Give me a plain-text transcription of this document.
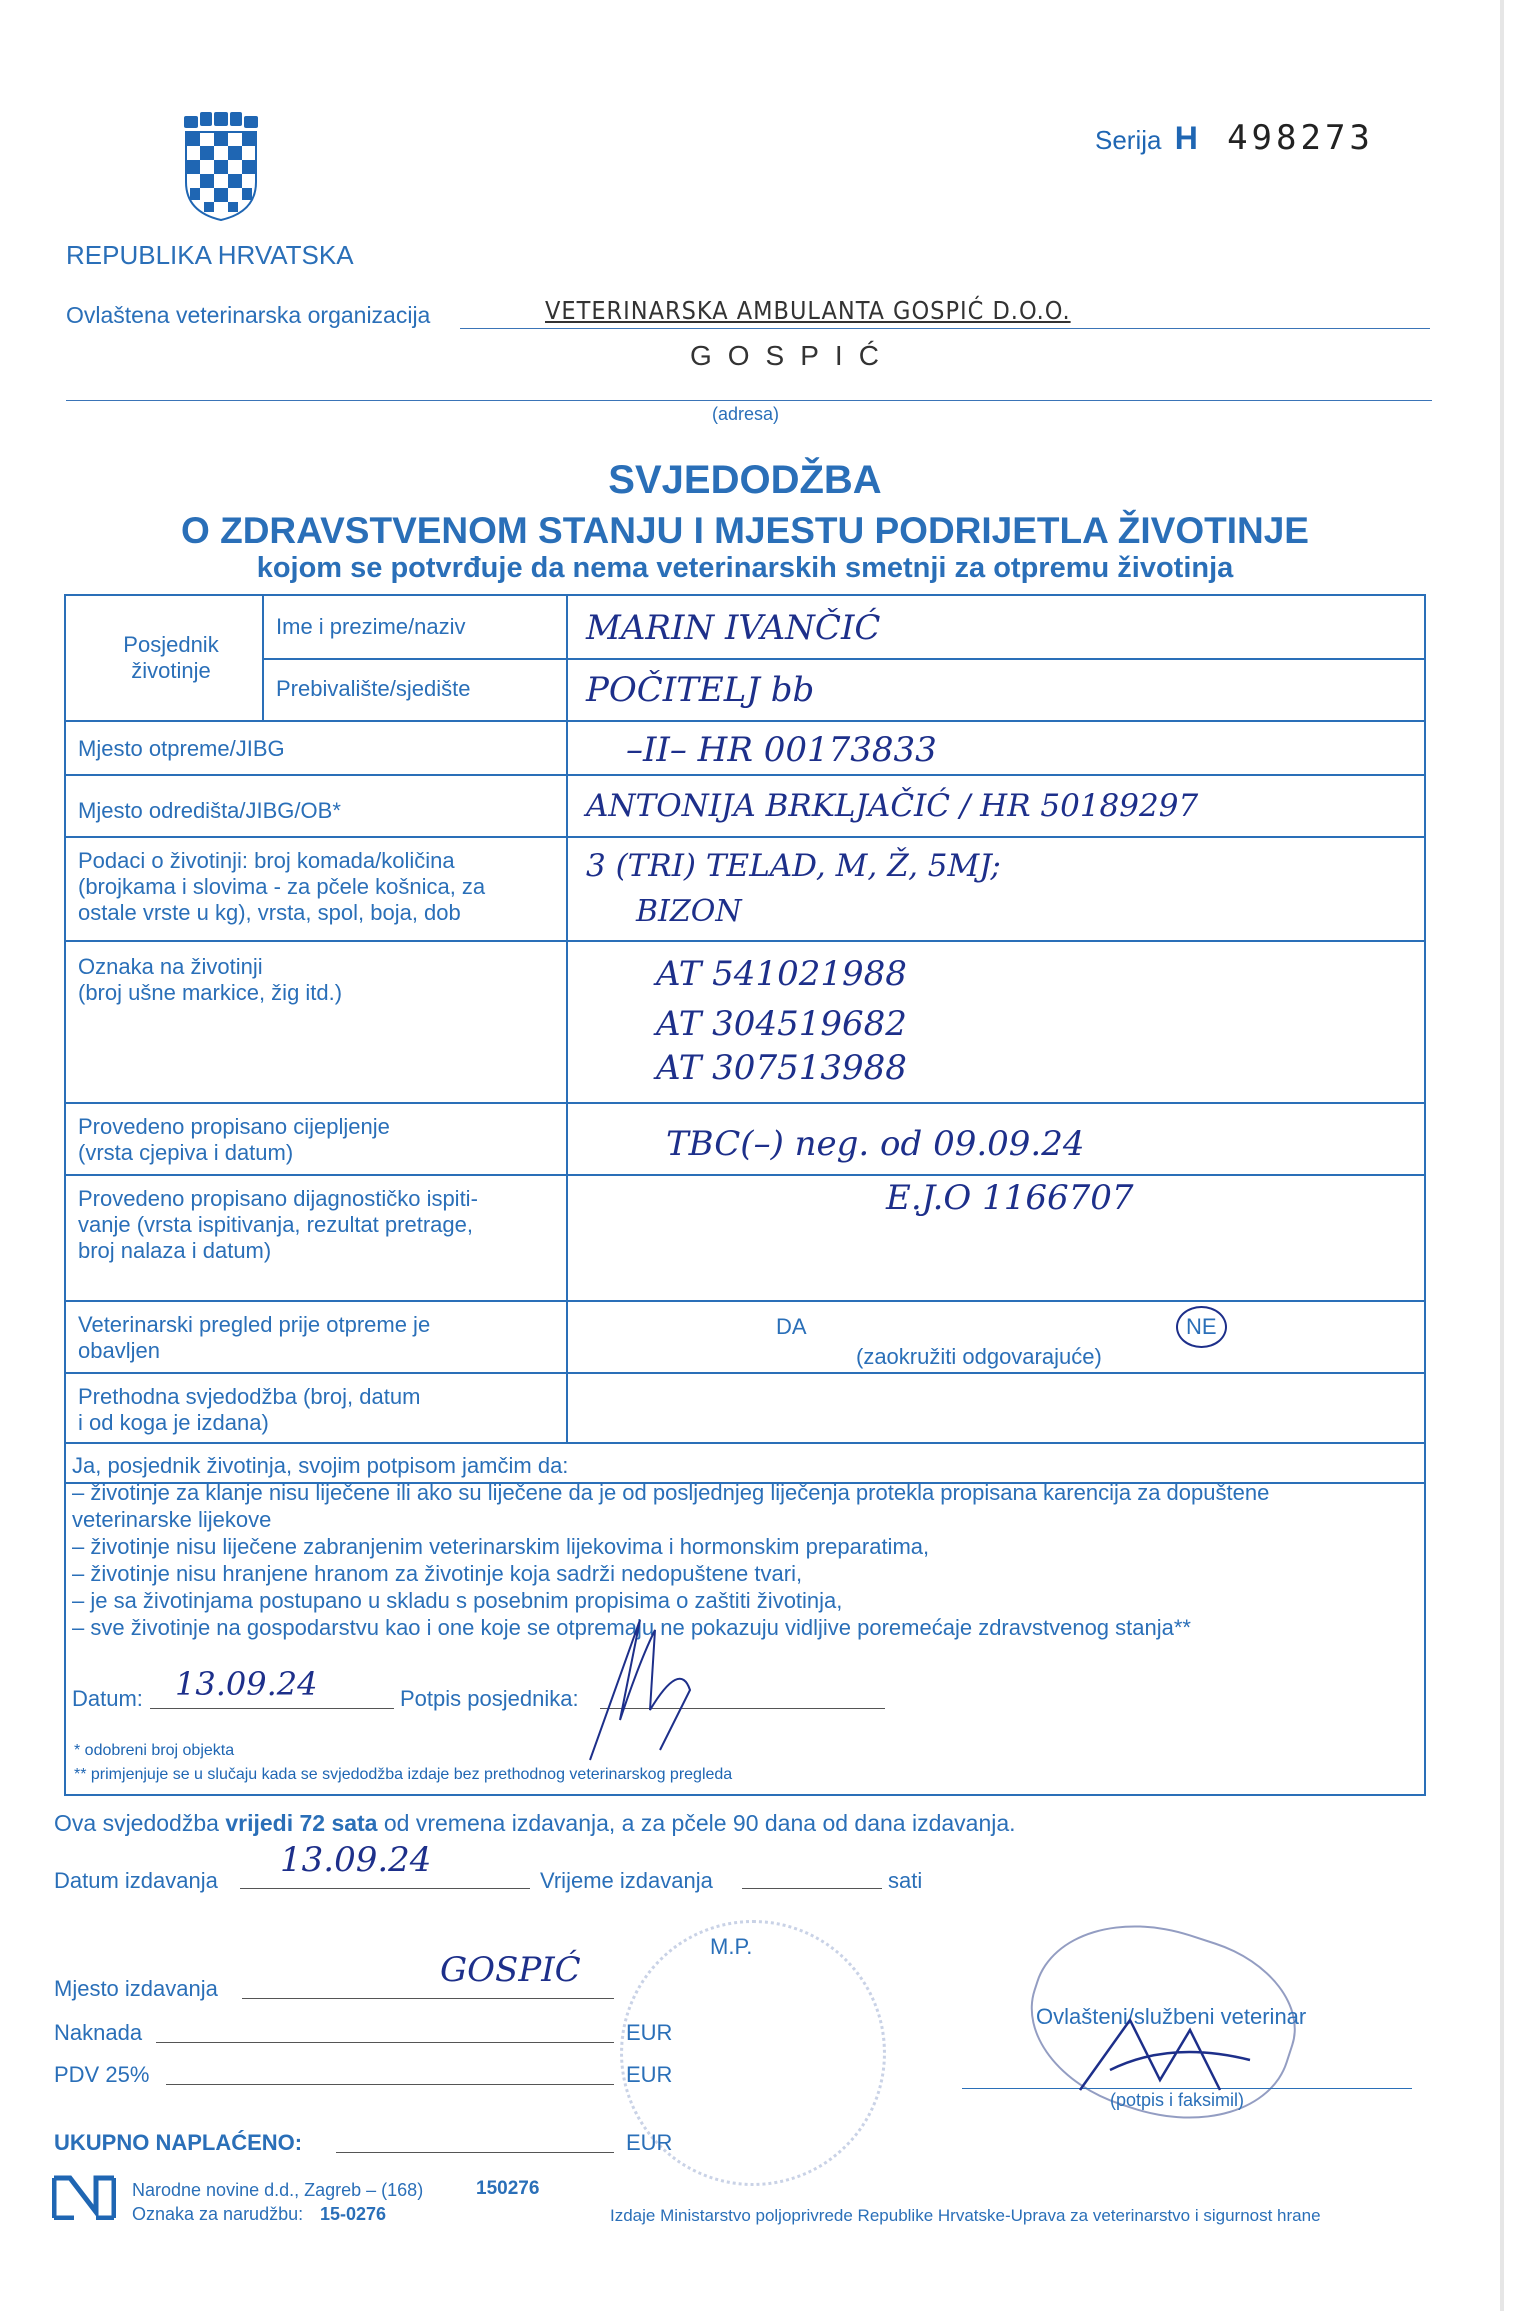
Serija H 498273
REPUBLIKA HRVATSKA
Ovlaštena veterinarska organizacija	VETERINARSKA AMBULANTA GOSPIĆ D.O.O.
GOSPIĆ
(adresa)
SVJEDODŽBA
O ZDRAVSTVENOM STANJU I MJESTU PODRIJETLA ŽIVOTINJE
kojom se potvrđuje da nema veterinarskih smetnji za otpremu životinja
Posjednik životinje
Ime i prezime/naziv	MARIN IVANČIĆ
Prebivalište/sjedište	POČITELJ bb
Mjesto otpreme/JIBG	–II– HR 00173833
Mjesto odredišta/JIBG/OB*	ANTONIJA BRKLJAČIĆ / HR 50189297
Podaci o životinji: broj komada/količina
(brojkama i slovima - za pčele košnica, za
ostale vrste u kg), vrsta, spol, boja, dob
3 (TRI) TELAD, M, Ž, 5MJ;
BIZON
Oznaka na životinji
(broj ušne markice, žig itd.)	AT 541021988
AT 304519682
AT 307513988
Provedeno propisano cijepljenje
(vrsta cjepiva i datum)	TBC(–) neg. od 09.09.24
Provedeno propisano dijagnostičko ispiti-
vanje (vrsta ispitivanja, rezultat pretrage,
broj nalaza i datum)
E.J.O 1166707
Veterinarski pregled prije otpreme je
obavljen
DA	NE
(zaokružiti odgovarajuće)
Prethodna svjedodžba (broj, datum
i od koga je izdana)
Ja, posjednik životinja, svojim potpisom jamčim da:
– životinje za klanje nisu liječene ili ako su liječene da je od posljednjeg liječenja protekla propisana karencija za dopuštene
veterinarske lijekove
– životinje nisu liječene zabranjenim veterinarskim lijekovima i hormonskim preparatima,
– životinje nisu hranjene hranom za životinje koja sadrži nedopuštene tvari,
– je sa životinjama postupano u skladu s posebnim propisima o zaštiti životinja,
– sve životinje na gospodarstvu kao i one koje se otpremaju ne pokazuju vidljive poremećaje zdravstvenog stanja**
Datum: 13.09.24	Potpis posjednika:
* odobreni broj objekta
** primjenjuje se u slučaju kada se svjedodžba izdaje bez prethodnog veterinarskog pregleda
Ova svjedodžba vrijedi 72 sata od vremena izdavanja, a za pčele 90 dana od dana izdavanja.
Datum izdavanja
13.09.24
Vrijeme izdavanja	sati
M.P.
Mjesto izdavanja	GOSPIĆ
Naknada	EUR
PDV 25%	EUR
UKUPNO NAPLAĆENO:	EUR
Ovlašteni/službeni veterinar
(potpis i faksimil)
Narodne novine d.d., Zagreb – (168)	150276
Oznaka za narudžbu: 15-0276	Izdaje Ministarstvo poljoprivrede Republike Hrvatske-Uprava za veterinarstvo i sigurnost hrane
